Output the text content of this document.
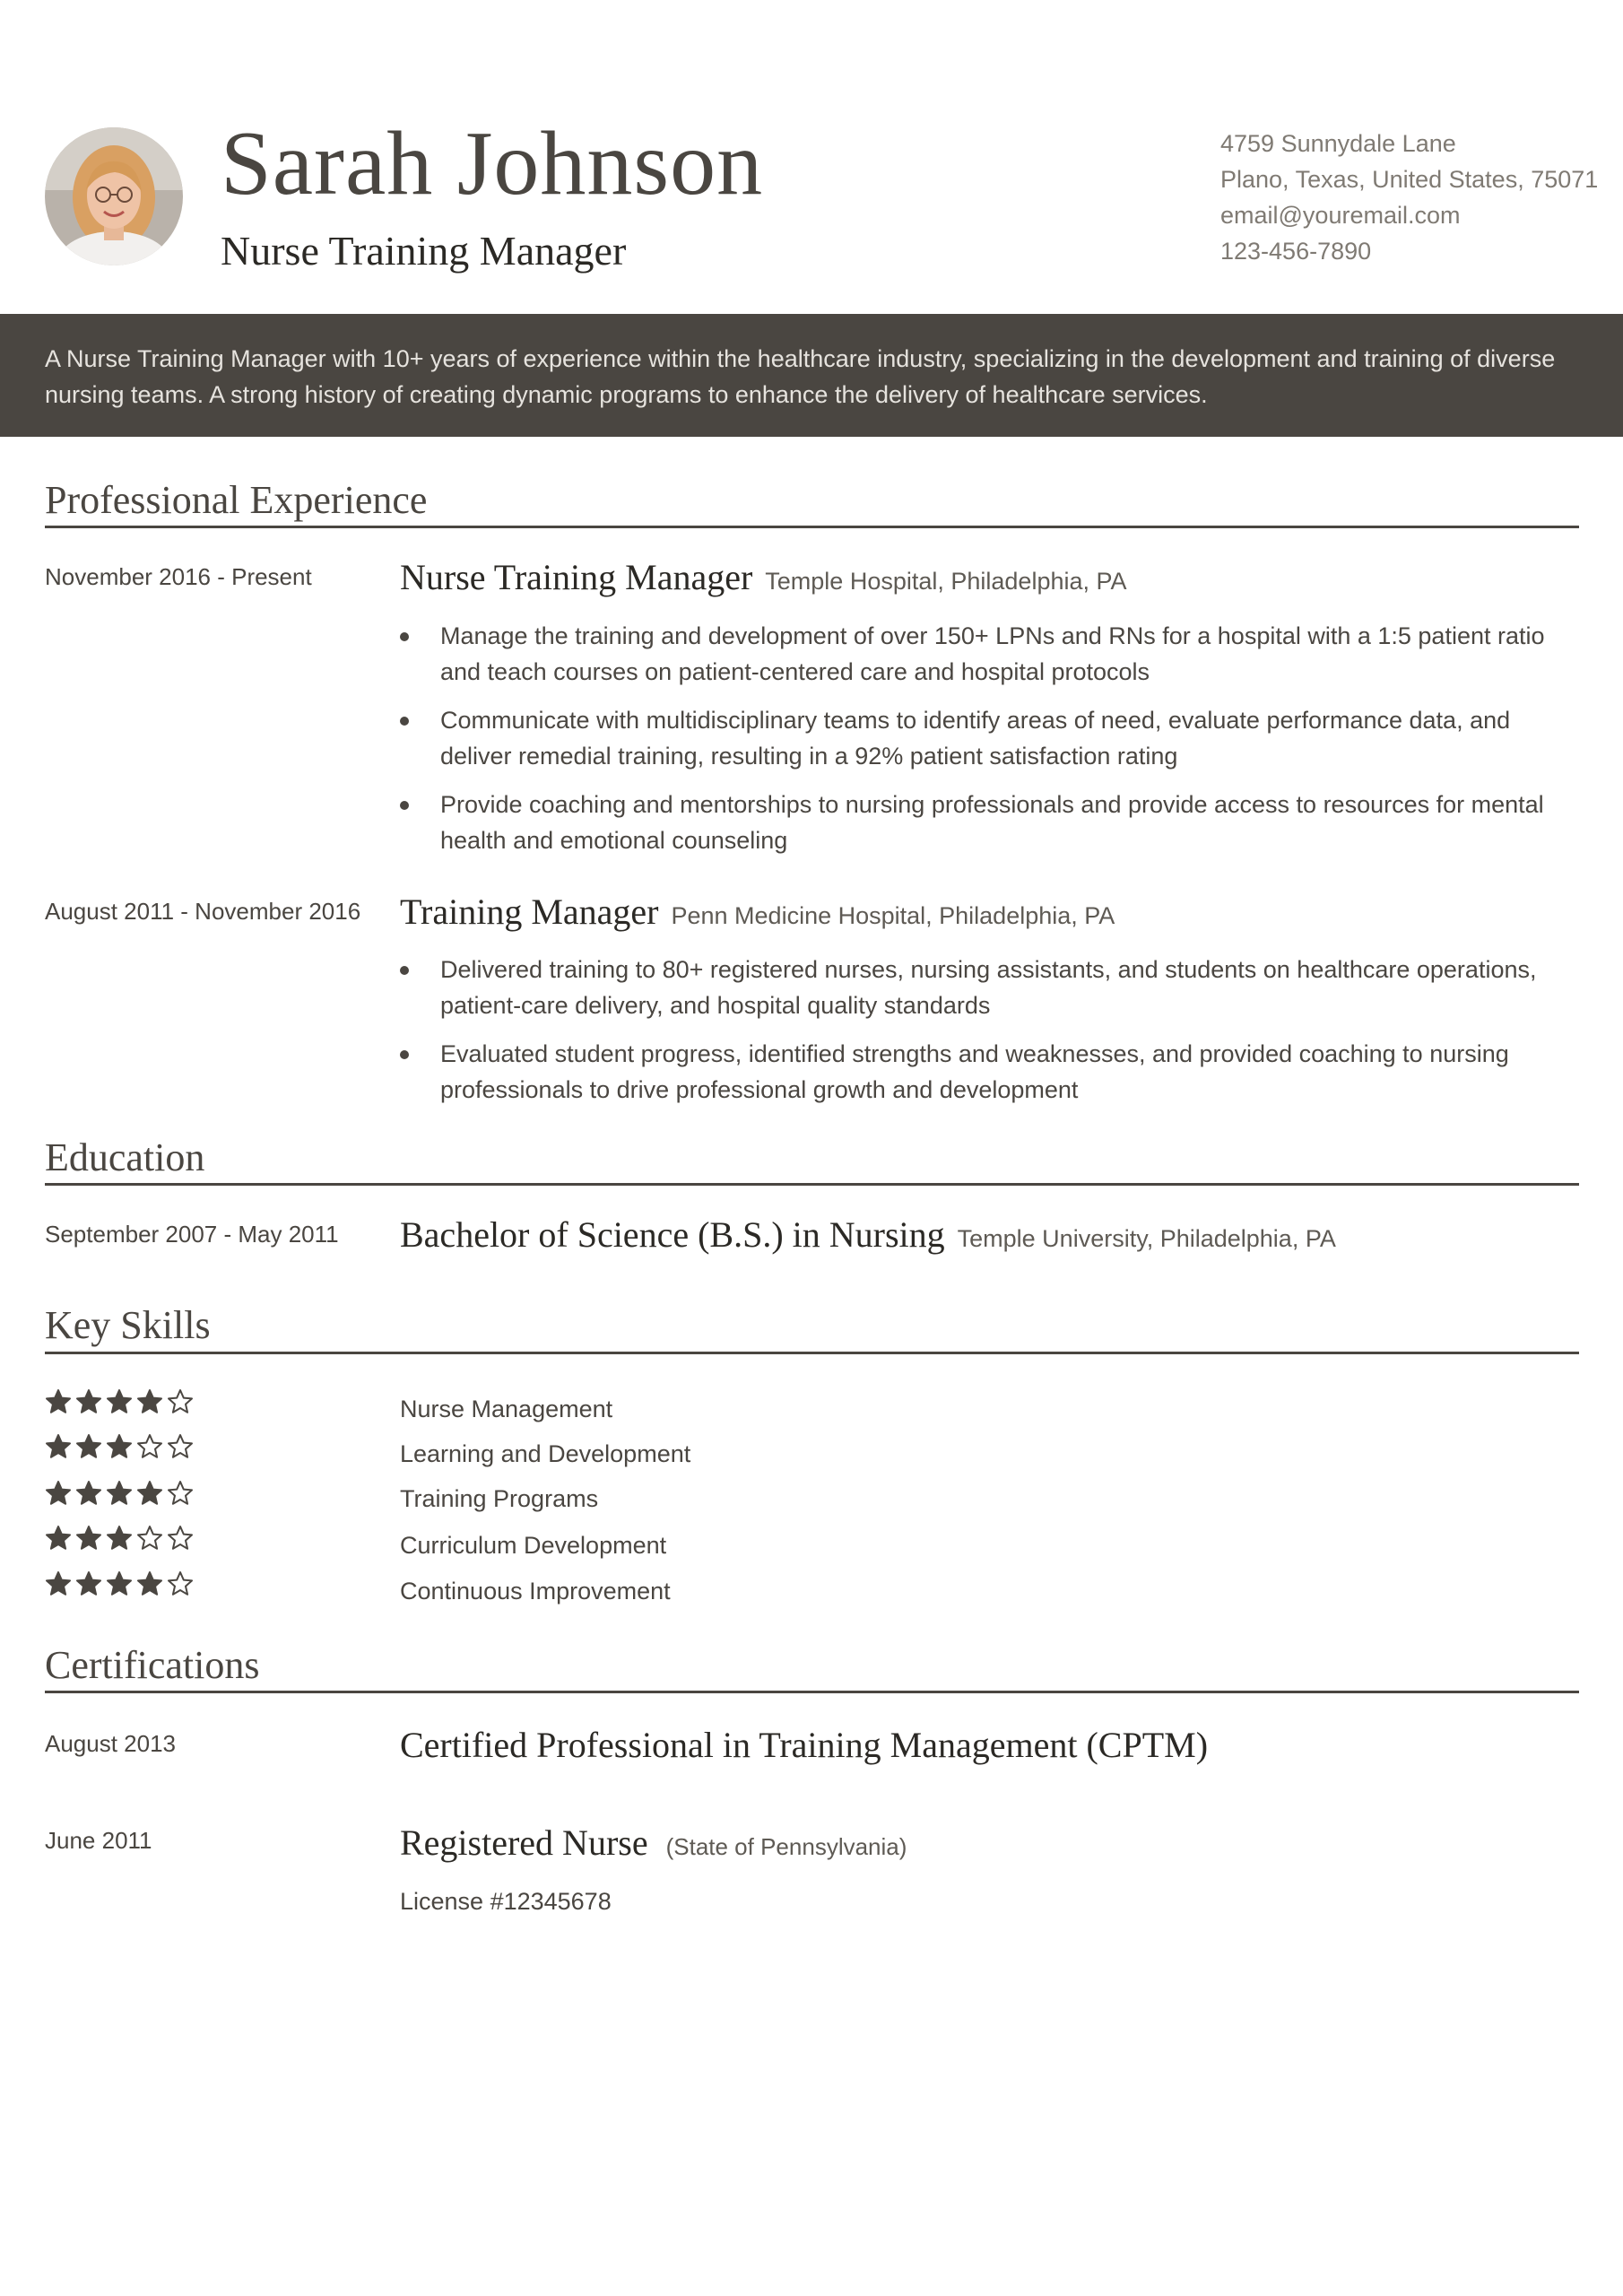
Sarah Johnson
Nurse Training Manager
4759 Sunnydale Lane
Plano, Texas, United States, 75071
email@youremail.com
123-456-7890

A Nurse Training Manager with 10+ years of experience within the healthcare industry, specializing in the development and training of diverse nursing teams. A strong history of creating dynamic programs to enhance the delivery of healthcare services.

Professional Experience
November 2016 - Present Nurse Training Manager Temple Hospital, Philadelphia, PA
Manage the training and development of over 150+ LPNs and RNs for a hospital with a 1:5 patient ratio and teach courses on patient-centered care and hospital protocols
Communicate with multidisciplinary teams to identify areas of need, evaluate performance data, and deliver remedial training, resulting in a 92% patient satisfaction rating
Provide coaching and mentorships to nursing professionals and provide access to resources for mental health and emotional counseling
August 2011 - November 2016 Training Manager Penn Medicine Hospital, Philadelphia, PA
Delivered training to 80+ registered nurses, nursing assistants, and students on healthcare operations, patient-care delivery, and hospital quality standards
Evaluated student progress, identified strengths and weaknesses, and provided coaching to nursing professionals to drive professional growth and development
Education
September 2007 - May 2011 Bachelor of Science (B.S.) in Nursing Temple University, Philadelphia, PA
Key Skills
Nurse Management
Learning and Development
Training Programs
Curriculum Development
Continuous Improvement
Certifications
August 2013	Certified Professional in Training Management (CPTM)
June 2011	Registered Nurse (State of Pennsylvania)
License #12345678
